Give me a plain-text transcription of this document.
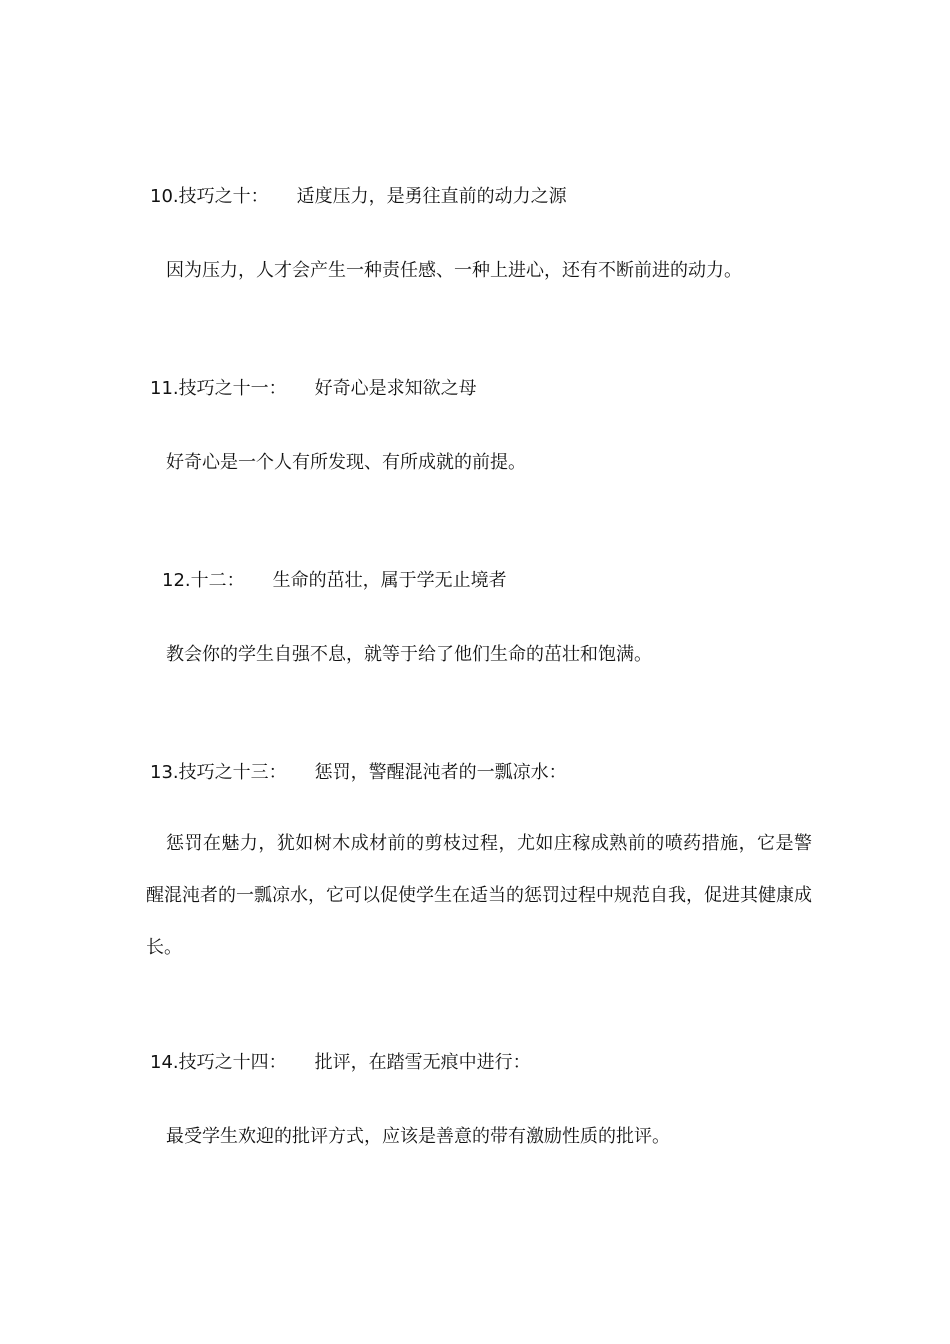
10.技巧之十： 适度压力，是勇往直前的动力之源
因为压力，人才会产生一种责任感、一种上进心，还有不断前进的动力。
11.技巧之十一： 好奇心是求知欲之母
好奇心是一个人有所发现、有所成就的前提。
12.十二： 生命的茁壮，属于学无止境者
教会你的学生自强不息，就等于给了他们生命的茁壮和饱满。
13.技巧之十三： 惩罚，警醒混沌者的一瓢凉水：

惩罚在魅力，犹如树木成材前的剪枝过程，尤如庄稼成熟前的喷药措施，它是警醒混沌者的一瓢凉水，它可以促使学生在适当的惩罚过程中规范自我，促进其健康成长。

14.技巧之十四： 批评，在踏雪无痕中进行：
最受学生欢迎的批评方式，应该是善意的带有激励性质的批评。
